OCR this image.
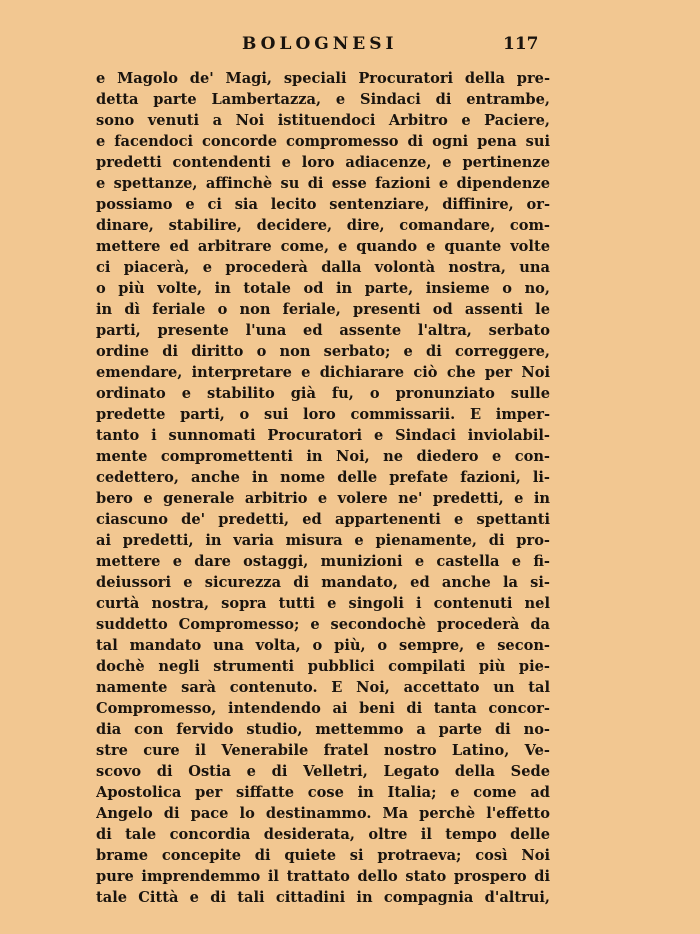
BOLOGNESI	117
e Magolo de' Magi, speciali Procuratori della pre-
detta parte Lambertazza, e Sindaci di entrambe,
sono venuti a Noi istituendoci Arbitro e Paciere,
e facendoci concorde compromesso di ogni pena sui
predetti contendenti e loro adiacenze, e pertinenze
e spettanze, affinchè su di esse fazioni e dipendenze
possiamo e ci sia lecito sentenziare, diffinire, or-
dinare, stabilire, decidere, dire, comandare, com-
mettere ed arbitrare come, e quando e quante volte
ci piacerà, e procederà dalla volontà nostra, una
o più volte, in totale od in parte, insieme o no,
in dì feriale o non feriale, presenti od assenti le
parti, presente l'una ed assente l'altra, serbato
ordine di diritto o non serbato; e di correggere,
emendare, interpretare e dichiarare ciò che per Noi
ordinato e stabilito già fu, o pronunziato sulle
predette parti, o sui loro commissarii. E imper-
tanto i sunnomati Procuratori e Sindaci inviolabil-
mente compromettenti in Noi, ne diedero e con-
cedettero, anche in nome delle prefate fazioni, li-
bero e generale arbitrio e volere ne' predetti, e in
ciascuno de' predetti, ed appartenenti e spettanti
ai predetti, in varia misura e pienamente, di pro-
mettere e dare ostaggi, munizioni e castella e fi-
deiussori e sicurezza di mandato, ed anche la si-
curtà nostra, sopra tutti e singoli i contenuti nel
suddetto Compromesso; e secondochè procederà da
tal mandato una volta, o più, o sempre, e secon-
dochè negli strumenti pubblici compilati più pie-
namente sarà contenuto. E Noi, accettato un tal
Compromesso, intendendo ai beni di tanta concor-
dia con fervido studio, mettemmo a parte di no-
stre cure il Venerabile fratel nostro Latino, Ve-
scovo di Ostia e di Velletri, Legato della Sede
Apostolica per siffatte cose in Italia; e come ad
Angelo di pace lo destinammo. Ma perchè l'effetto
di tale concordia desiderata, oltre il tempo delle
brame concepite di quiete si protraeva; così Noi
pure imprendemmo il trattato dello stato prospero di
tale Città e di tali cittadini in compagnia d'altrui,
